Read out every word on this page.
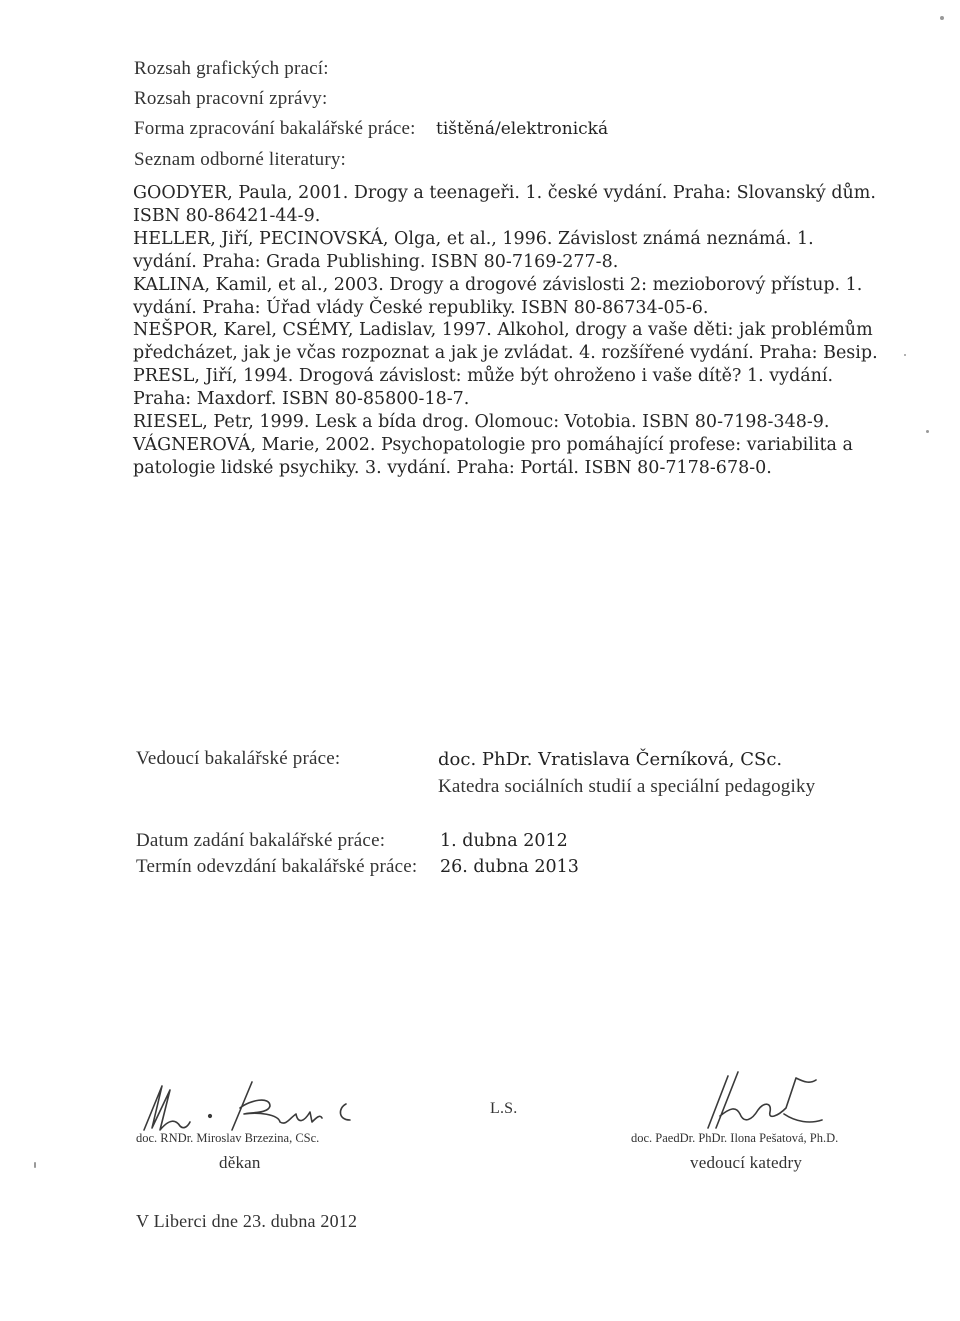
Rozsah grafických prací:
Rozsah pracovní zprávy:
Forma zpracování bakalářské práce: tištěná/elektronická
Seznam odborné literatury:

GOODYER, Paula, 2001. Drogy a teenageři. 1. české vydání. Praha: Slovanský dům. ISBN 80-86421-44-9.

HELLER, Jiří, PECINOVSKÁ, Olga, et al., 1996. Závislost známá neznámá. 1. vydání. Praha: Grada Publishing. ISBN 80-7169-277-8.

KALINA, Kamil, et al., 2003. Drogy a drogové závislosti 2: mezioborový přístup. 1. vydání. Praha: Úřad vlády České republiky. ISBN 80-86734-05-6.

NEŠPOR, Karel, CSÉMY, Ladislav, 1997. Alkohol, drogy a vaše děti: jak problémům předcházet, jak je včas rozpoznat a jak je zvládat. 4. rozšířené vydání. Praha: Besip.

PRESL, Jiří, 1994. Drogová závislost: může být ohroženo i vaše dítě? 1. vydání. Praha: Maxdorf. ISBN 80-85800-18-7.

RIESEL, Petr, 1999. Lesk a bída drog. Olomouc: Votobia. ISBN 80-7198-348-9.

VÁGNEROVÁ, Marie, 2002. Psychopatologie pro pomáhající profese: variabilita a patologie lidské psychiky. 3. vydání. Praha: Portál. ISBN 80-7178-678-0.

Vedoucí bakalářské práce:	doc. PhDr. Vratislava Černíková, CSc.
Katedra sociálních studií a speciální pedagogiky
Datum zadání bakalářské práce:	1. dubna 2012
Termín odevzdání bakalářské práce: 26. dubna 2013
doc. RNDr. Miroslav Brzezina, CSc.
děkan
L.S.
doc. PaedDr. PhDr. Ilona Pešatová, Ph.D.
vedoucí katedry
V Liberci dne 23. dubna 2012
